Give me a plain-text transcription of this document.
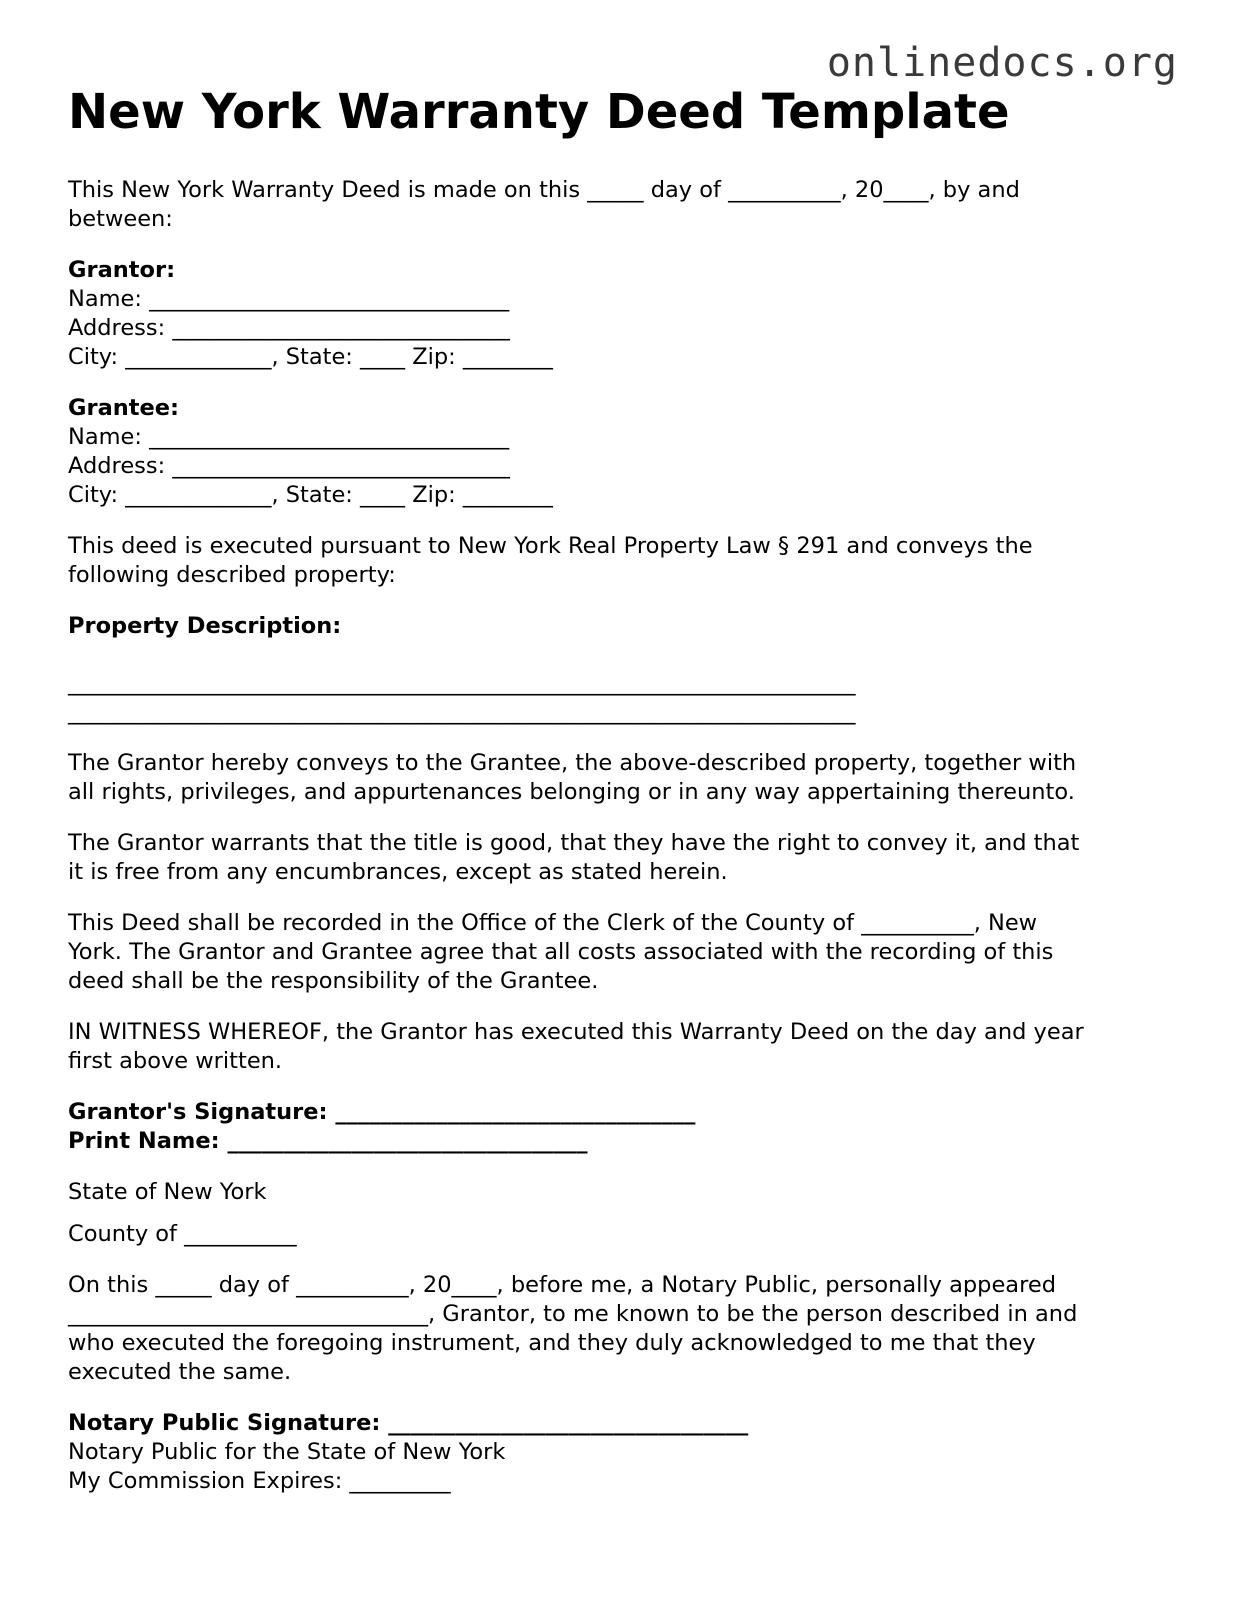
onlinedocs.org
New York Warranty Deed Template

This New York Warranty Deed is made on this _____ day of __________, 20____, by and
between:

Grantor:
Name: ________________________________
Address: ______________________________
City: _____________, State: ____ Zip: ________

Grantee:
Name: ________________________________
Address: ______________________________
City: _____________, State: ____ Zip: ________

This deed is executed pursuant to New York Real Property Law § 291 and conveys the
following described property:

Property Description:
______________________________________________________________________
______________________________________________________________________

The Grantor hereby conveys to the Grantee, the above-described property, together with
all rights, privileges, and appurtenances belonging or in any way appertaining thereunto.

The Grantor warrants that the title is good, that they have the right to convey it, and that
it is free from any encumbrances, except as stated herein.

This Deed shall be recorded in the Office of the Clerk of the County of __________, New
York. The Grantor and Grantee agree that all costs associated with the recording of this
deed shall be the responsibility of the Grantee.

IN WITNESS WHEREOF, the Grantor has executed this Warranty Deed on the day and year
first above written.

Grantor's Signature: ________________________________
Print Name: ________________________________

State of New York
County of __________

On this _____ day of __________, 20____, before me, a Notary Public, personally appeared
________________________________, Grantor, to me known to be the person described in and
who executed the foregoing instrument, and they duly acknowledged to me that they
executed the same.

Notary Public Signature: ________________________________
Notary Public for the State of New York
My Commission Expires: _________
